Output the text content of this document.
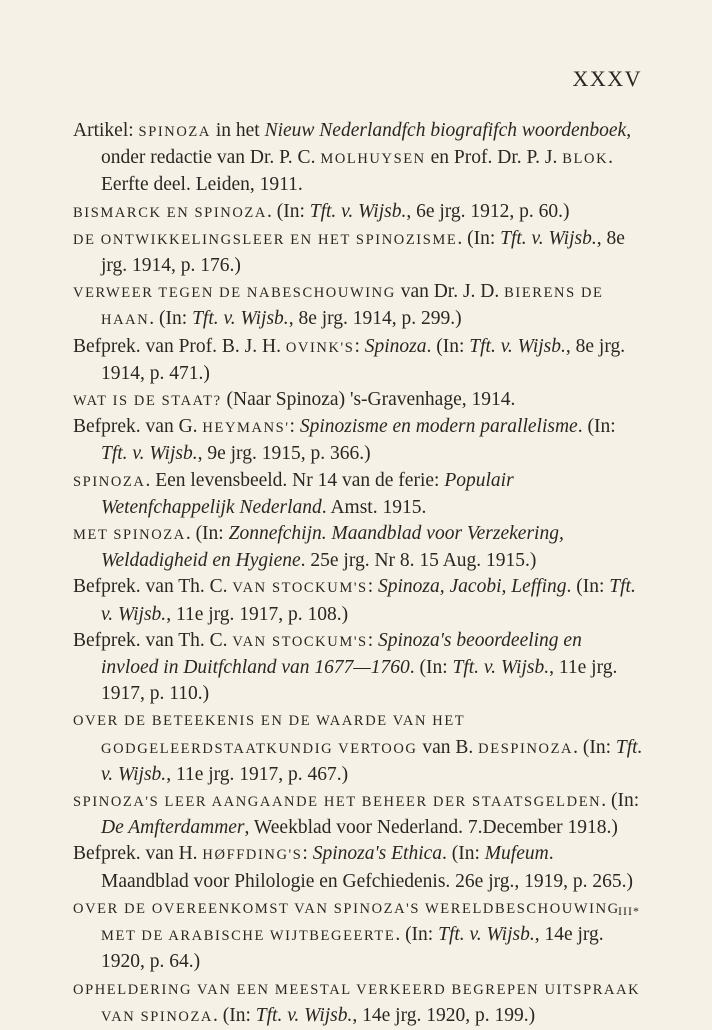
XXXV
Artikel: SPINOZA in het Nieuw Nederlandfch biografifch woordenboek, onder redactie van Dr. P. C. MOLHUYSEN en Prof. Dr. P. J. BLOK. Eerfte deel. Leiden, 1911.
BISMARCK EN SPINOZA. (In: Tft. v. Wijsb., 6e jrg. 1912, p. 60.)
DE ONTWIKKELINGSLEER EN HET SPINOZISME. (In: Tft. v. Wijsb., 8e jrg. 1914, p. 176.)
VERWEER TEGEN DE NABESCHOUWING van Dr. J. D. BIERENS DE HAAN. (In: Tft. v. Wijsb., 8e jrg. 1914, p. 299.)
Befprek. van Prof. B. J. H. OVINK'S: Spinoza. (In: Tft. v. Wijsb., 8e jrg. 1914, p. 471.)
WAT IS DE STAAT? (Naar Spinoza) 's-Gravenhage, 1914.
Befprek. van G. HEYMANS': Spinozisme en modern parallelisme. (In: Tft. v. Wijsb., 9e jrg. 1915, p. 366.)
SPINOZA. Een levensbeeld. Nr 14 van de ferie: Populair Wetenfchappelijk Nederland. Amst. 1915.
MET SPINOZA. (In: Zonnefchijn. Maandblad voor Verzekering, Weldadigheid en Hygiene. 25e jrg. Nr 8. 15 Aug. 1915.)
Befprek. van Th. C. VAN STOCKUM'S: Spinoza, Jacobi, Leffing. (In: Tft. v. Wijsb., 11e jrg. 1917, p. 108.)
Befprek. van Th. C. VAN STOCKUM'S: Spinoza's beoordeeling en invloed in Duitfchland van 1677—1760. (In: Tft. v. Wijsb., 11e jrg. 1917, p. 110.)
OVER DE BETEEKENIS EN DE WAARDE VAN HET GODGELEERDSTAATKUNDIG VERTOOG van B. DESPINOZA. (In: Tft. v. Wijsb., 11e jrg. 1917, p. 467.)
SPINOZA'S LEER AANGAANDE HET BEHEER DER STAATSGELDEN. (In: De Amfterdammer, Weekblad voor Nederland. 7.December 1918.)
Befprek. van H. HØFFDING'S: Spinoza's Ethica. (In: Mufeum. Maandblad voor Philologie en Gefchiedenis. 26e jrg., 1919, p. 265.)
OVER DE OVEREENKOMST VAN SPINOZA'S WERELDBESCHOUWING MET DE ARABISCHE WIJTBEGEERTE. (In: Tft. v. Wijsb., 14e jrg. 1920, p. 64.)
OPHELDERING VAN EEN MEESTAL VERKEERD BEGREPEN UITSPRAAK VAN SPINOZA. (In: Tft. v. Wijsb., 14e jrg. 1920, p. 199.)
III*
